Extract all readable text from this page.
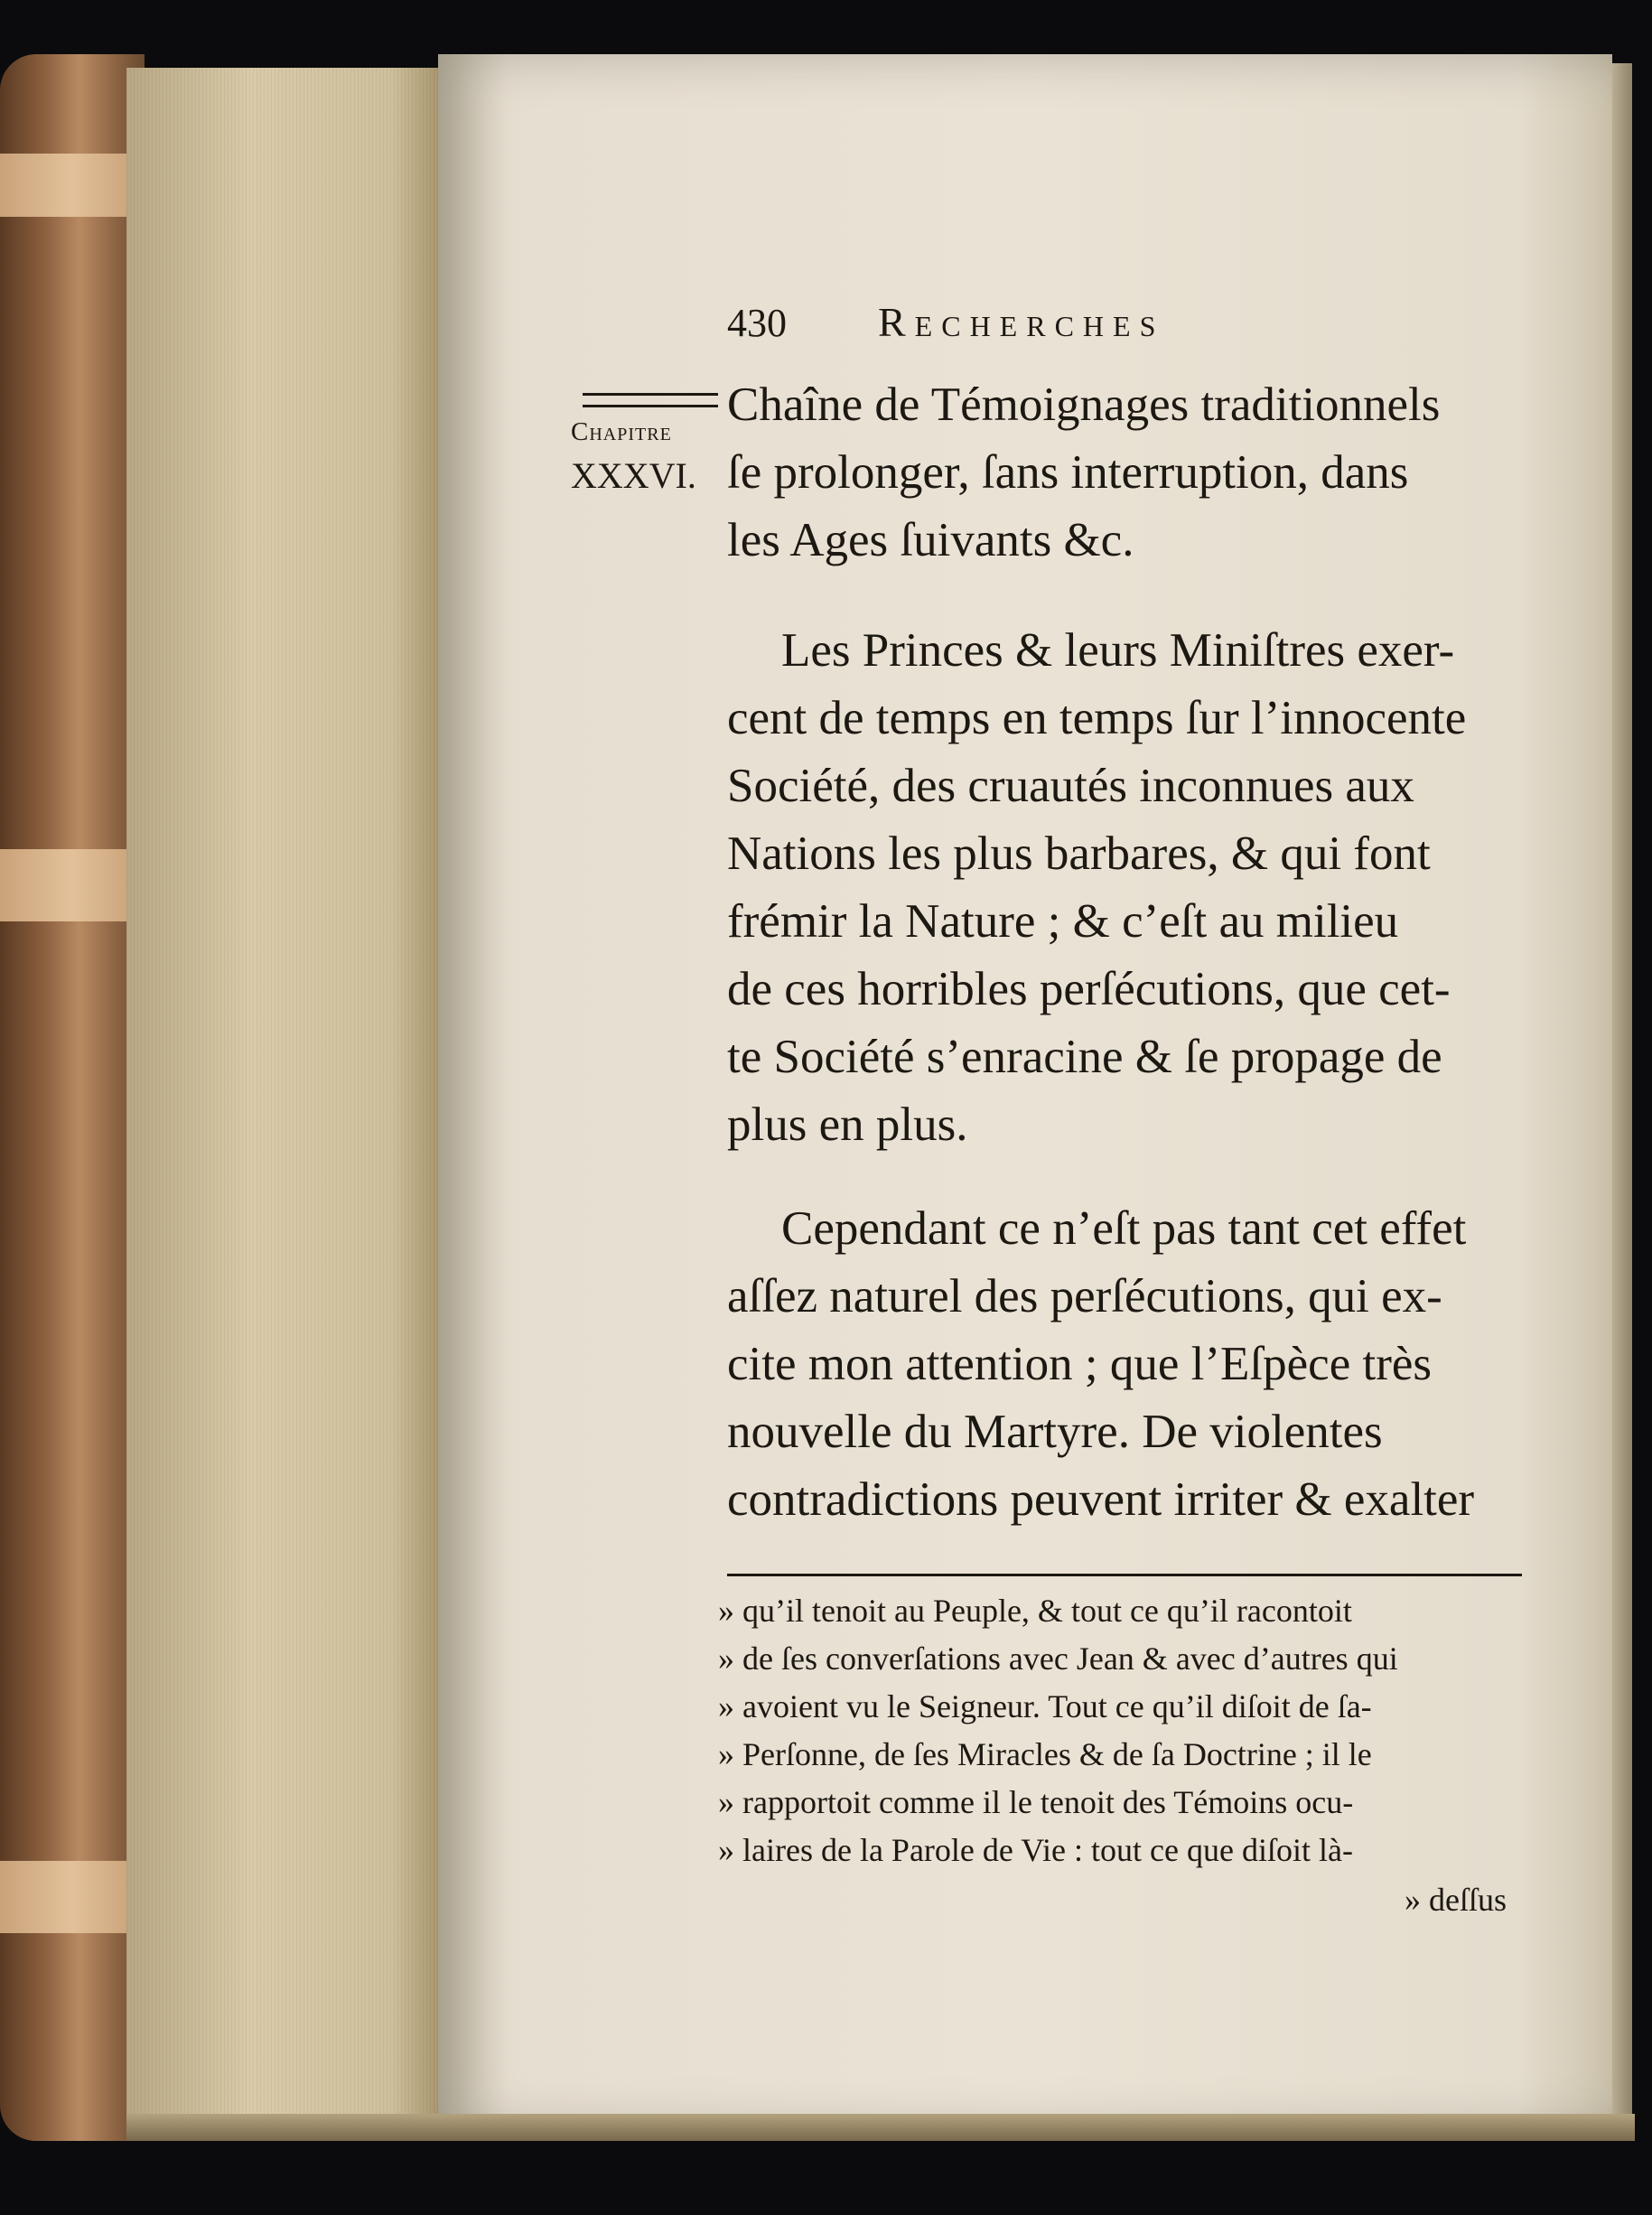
430 Recherches
Chapitre
XXXVI.
Chaîne de Témoignages traditionnels
ſe prolonger, ſans interruption, dans
les Ages ſuivants &c.
Les Princes & leurs Miniſtres exer-
cent de temps en temps ſur l’innocente
Société, des cruautés inconnues aux
Nations les plus barbares, & qui font
frémir la Nature ; & c’eſt au milieu
de ces horribles perſécutions, que cet-
te Société s’enracine & ſe propage de
plus en plus.
Cependant ce n’eſt pas tant cet effet
aſſez naturel des perſécutions, qui ex-
cite mon attention ; que l’Eſpèce très
nouvelle du Martyre. De violentes
contradictions peuvent irriter & exalter
» qu’il tenoit au Peuple, & tout ce qu’il racontoit
» de ſes converſations avec Jean & avec d’autres qui
» avoient vu le Seigneur. Tout ce qu’il diſoit de ſa-
» Perſonne, de ſes Miracles & de ſa Doctrine ; il le
» rapportoit comme il le tenoit des Témoins ocu-
» laires de la Parole de Vie : tout ce que diſoit là-
» deſſus
